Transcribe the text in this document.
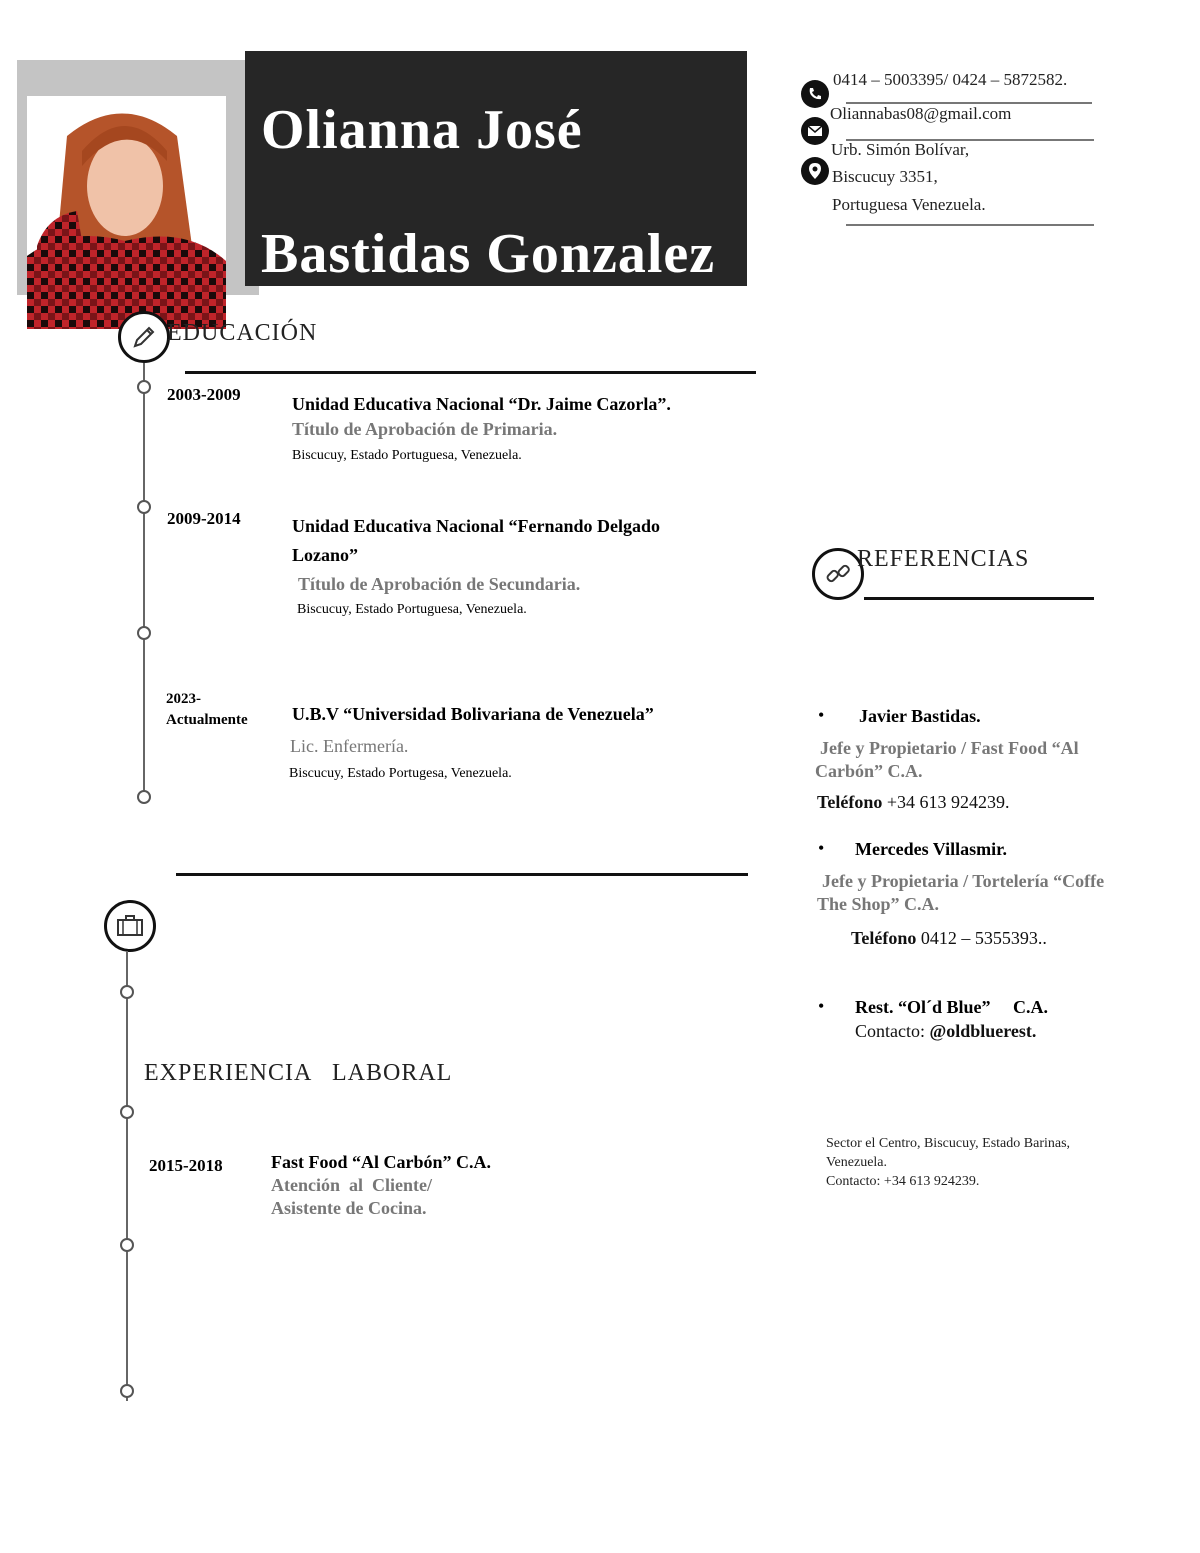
Olianna José
Bastidas Gonzalez
0414 – 5003395/ 0424 – 5872582.
Oliannabas08@gmail.com
Urb. Simón Bolívar,
Biscucuy 3351,
Portuguesa Venezuela.
EDUCACIÓN
2003-2009	Unidad Educativa Nacional “Dr. Jaime Cazorla”.
Título de Aprobación de Primaria.
Biscucuy, Estado Portuguesa, Venezuela.
2009-2014	Unidad Educativa Nacional “Fernando Delgado
Lozano”
Título de Aprobación de Secundaria.
Biscucuy, Estado Portuguesa, Venezuela.
2023-
Actualmente U.B.V “Universidad Bolivariana de Venezuela”
Lic. Enfermería.
Biscucuy, Estado Portugesa, Venezuela.
EXPERIENCIA   LABORAL
2015-2018	Fast Food “Al Carbón” C.A.
Atención  al  Cliente/
Asistente de Cocina.
REFERENCIAS
• Javier Bastidas.
Jefe y Propietario / Fast Food “Al
Carbón” C.A.
Teléfono +34 613 924239.
• Mercedes Villasmir.
Jefe y Propietaria / Tortelería “Coffe
The Shop” C.A.
Teléfono 0412 – 5355393..
• Rest. “Ol´d Blue”     C.A.
Contacto: @oldbluerest.
Sector el Centro, Biscucuy, Estado Barinas,
Venezuela.
Contacto: +34 613 924239.
